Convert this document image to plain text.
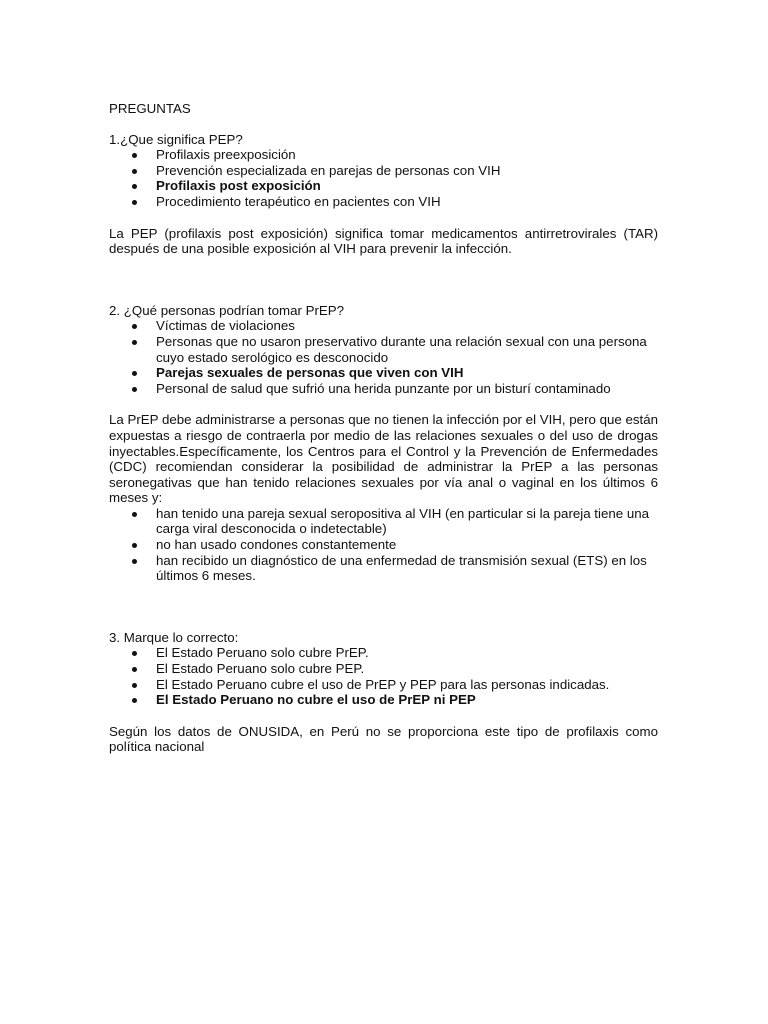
PREGUNTAS

1.¿Que significa PEP?

Profilaxis preexposición
Prevención especializada en parejas de personas con VIH
Profilaxis post exposición
Procedimiento terapéutico en pacientes con VIH

La PEP (profilaxis post exposición) significa tomar medicamentos antirretrovirales (TAR) después de una posible exposición al VIH para prevenir la infección.

2. ¿Qué personas podrían tomar PrEP?

Víctimas de violaciones
Personas que no usaron preservativo durante una relación sexual con una persona cuyo estado serológico es desconocido
Parejas sexuales de personas que viven con VIH
Personal de salud que sufrió una herida punzante por un bisturí contaminado

La PrEP debe administrarse a personas que no tienen la infección por el VIH, pero que están expuestas a riesgo de contraerla por medio de las relaciones sexuales o del uso de drogas inyectables.Específicamente, los Centros para el Control y la Prevención de Enfermedades (CDC) recomiendan considerar la posibilidad de administrar la PrEP a las personas seronegativas que han tenido relaciones sexuales por vía anal o vaginal en los últimos 6 meses y:

han tenido una pareja sexual seropositiva al VIH (en particular si la pareja tiene una carga viral desconocida o indetectable)
no han usado condones constantemente
han recibido un diagnóstico de una enfermedad de transmisión sexual (ETS) en los últimos 6 meses.

3. Marque lo correcto:

El Estado Peruano solo cubre PrEP.
El Estado Peruano solo cubre PEP.
El Estado Peruano cubre el uso de PrEP y PEP para las personas indicadas.
El Estado Peruano no cubre el uso de PrEP ni PEP

Según los datos de ONUSIDA, en Perú no se proporciona este tipo de profilaxis como política nacional
